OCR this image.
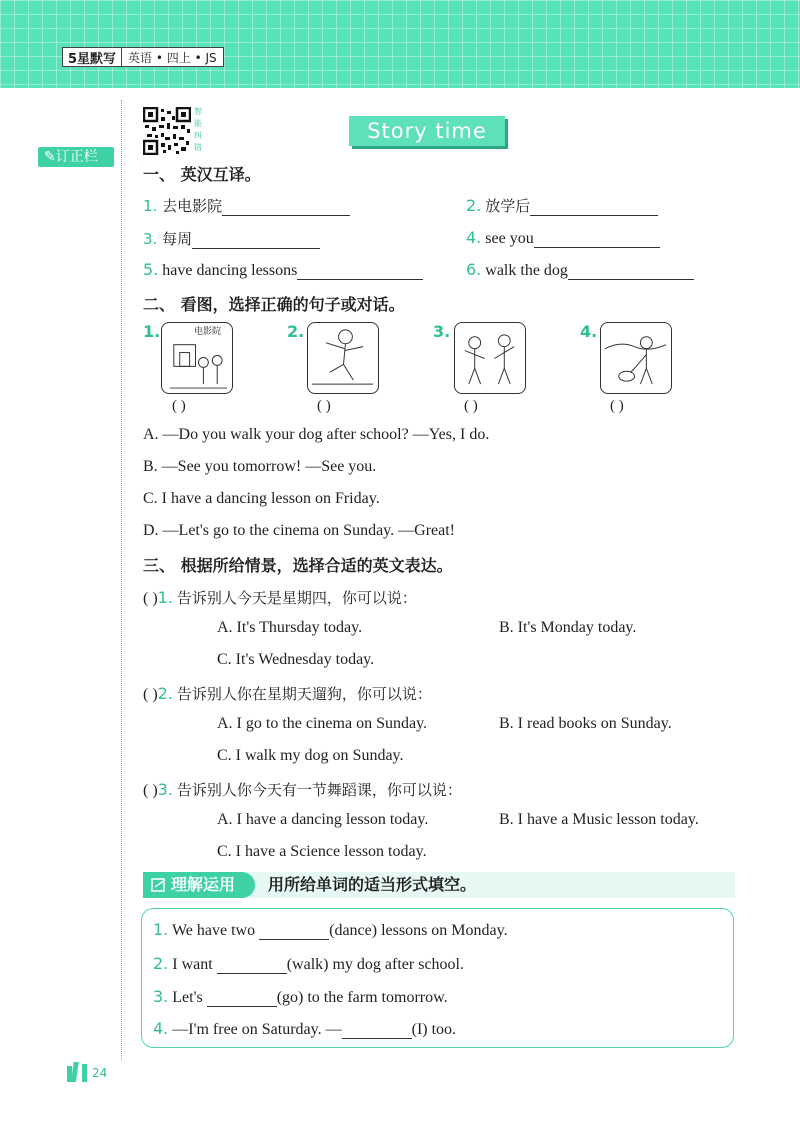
5星默写	英语 • 四上 • JS
智
能
纠
错
Story time
✎订正栏
一、 英汉互译。
1. 去电影院	2. 放学后
3. 每周	4. see you
5. have dancing lessons	6. walk the dog
二、 看图，选择正确的句子或对话。
1.	电影院	2.	3.	4.
( )	( )	( )	( )
A. —Do you walk your dog after school? —Yes, I do.
B. —See you tomorrow! —See you.
C. I have a dancing lesson on Friday.
D. —Let's go to the cinema on Sunday. —Great!
三、 根据所给情景，选择合适的英文表达。
( )1. 告诉别人今天是星期四，你可以说：
A. It's Thursday today.	B. It's Monday today.
C. It's Wednesday today.
( )2. 告诉别人你在星期天遛狗，你可以说：
A. I go to the cinema on Sunday.	B. I read books on Sunday.
C. I walk my dog on Sunday.
( )3. 告诉别人你今天有一节舞蹈课，你可以说：
A. I have a dancing lesson today.	B. I have a Music lesson today.
C. I have a Science lesson today.
理解运用	用所给单词的适当形式填空。
1. We have two	(dance) lessons on Monday.
2. I want	(walk) my dog after school.
3. Let's	(go) to the farm tomorrow.
4. —I'm free on Saturday. —	(I) too.
24
